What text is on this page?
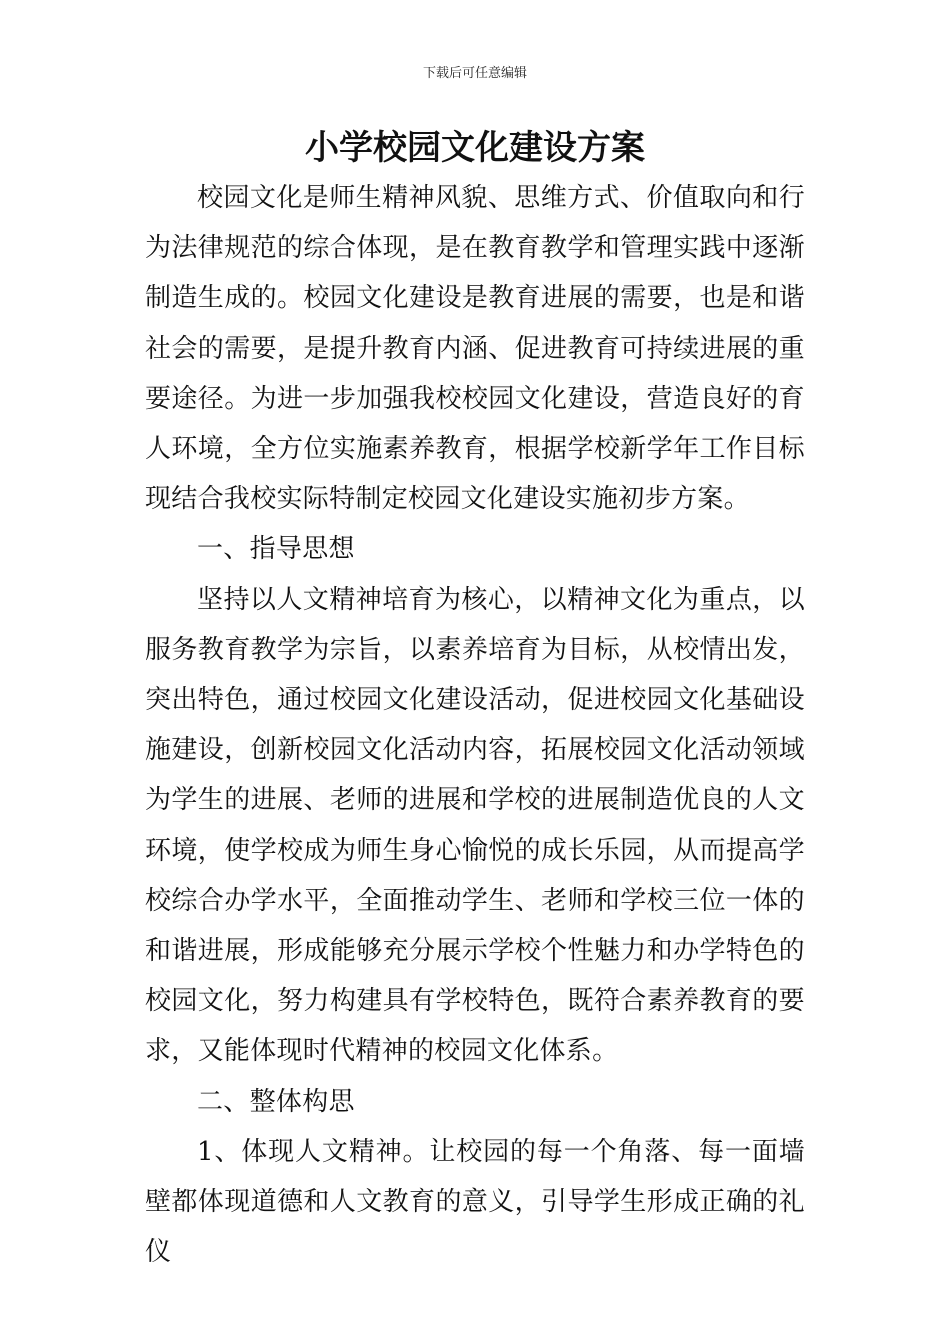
下载后可任意编辑
小学校园文化建设方案

校园文化是师生精神风貌、思维方式、价值取向和行为法律规范的综合体现，是在教育教学和管理实践中逐渐制造生成的。校园文化建设是教育进展的需要，也是和谐社会的需要，是提升教育内涵、促进教育可持续进展的重要途径。为进一步加强我校校园文化建设，营造良好的育人环境，全方位实施素养教育，根据学校新学年工作目标现结合我校实际特制定校园文化建设实施初步方案。

一、指导思想

坚持以人文精神培育为核心，以精神文化为重点，以服务教育教学为宗旨，以素养培育为目标，从校情出发，突出特色，通过校园文化建设活动，促进校园文化基础设施建设，创新校园文化活动内容，拓展校园文化活动领域为学生的进展、老师的进展和学校的进展制造优良的人文环境，使学校成为师生身心愉悦的成长乐园，从而提高学校综合办学水平，全面推动学生、老师和学校三位一体的和谐进展，形成能够充分展示学校个性魅力和办学特色的校园文化，努力构建具有学校特色，既符合素养教育的要求，又能体现时代精神的校园文化体系。

二、整体构思

1、体现人文精神。让校园的每一个角落、每一面墙壁都体现道德和人文教育的意义，引导学生形成正确的礼仪
